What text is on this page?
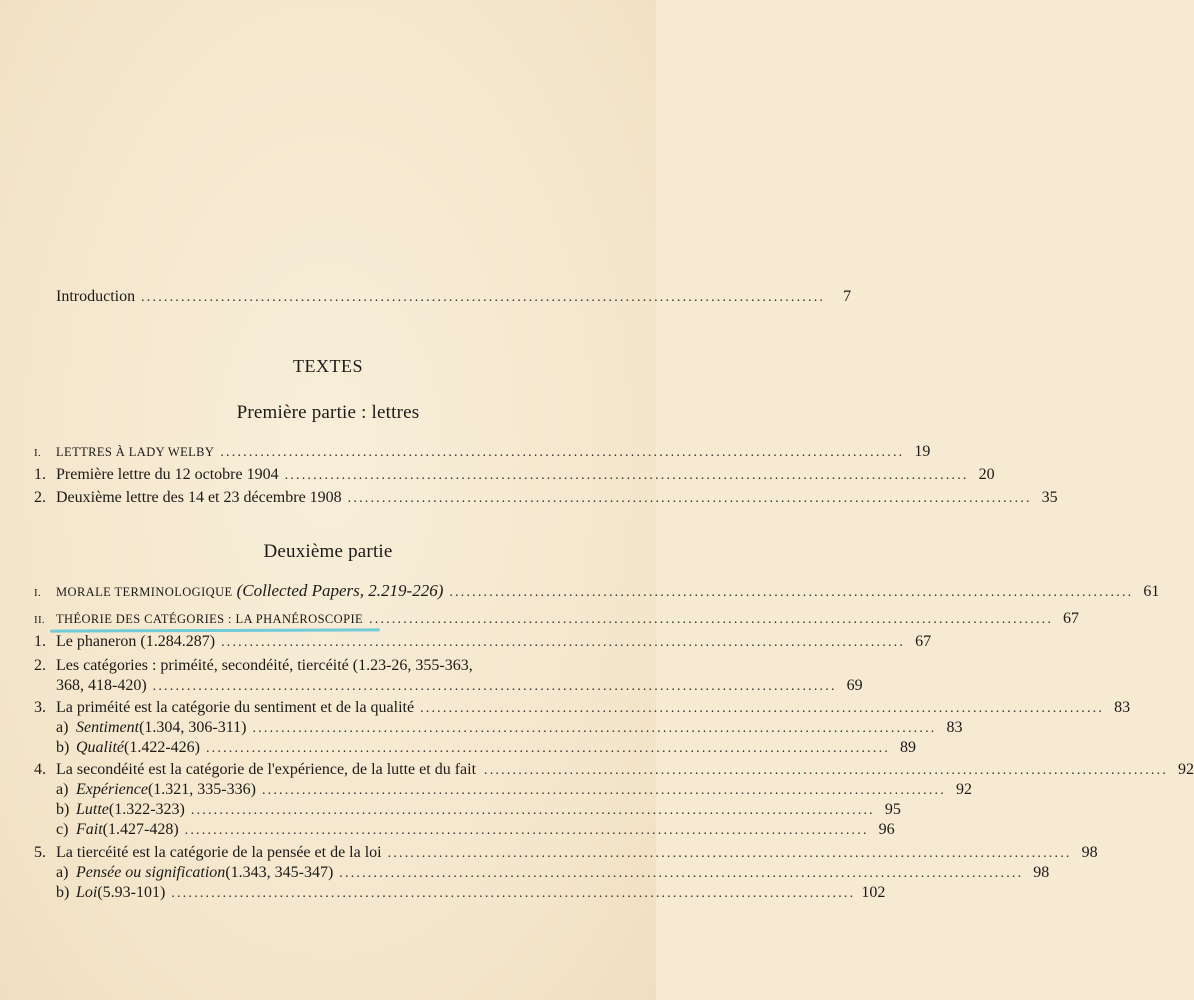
Introduction ........................................................................................................................	7
TEXTES
Première partie : lettres
I.	LETTRES À LADY WELBY ........................................................................................................................ 19
1. Première lettre du 12 octobre 1904 ........................................................................................................................ 20
2. Deuxième lettre des 14 et 23 décembre 1908 ........................................................................................................................ 35
Deuxième partie
I.	MORALE TERMINOLOGIQUE (Collected Papers, 2.219-226) ........................................................................................................................ 61
II. THÉORIE DES CATÉGORIES : LA PHANÉROSCOPIE ........................................................................................................................ 67
1. Le phaneron (1.284.287) ........................................................................................................................ 67
2. Les catégories : priméité, secondéité, tiercéité (1.23-26, 355-363,
368, 418-420) ........................................................................................................................ 69
3. La priméité est la catégorie du sentiment et de la qualité ........................................................................................................................ 83
a) Sentiment (1.304, 306-311) ........................................................................................................................ 83
b) Qualité (1.422-426) ........................................................................................................................ 89
4. La secondéité est la catégorie de l'expérience, de la lutte et du fait ........................................................................................................................ 92
a) Expérience (1.321, 335-336) ........................................................................................................................ 92
b) Lutte (1.322-323) ........................................................................................................................ 95
c) Fait (1.427-428) ........................................................................................................................ 96
5. La tiercéité est la catégorie de la pensée et de la loi ........................................................................................................................ 98
a) Pensée ou signification (1.343, 345-347) ........................................................................................................................ 98
b) Loi (5.93-101) ........................................................................................................................ 102
